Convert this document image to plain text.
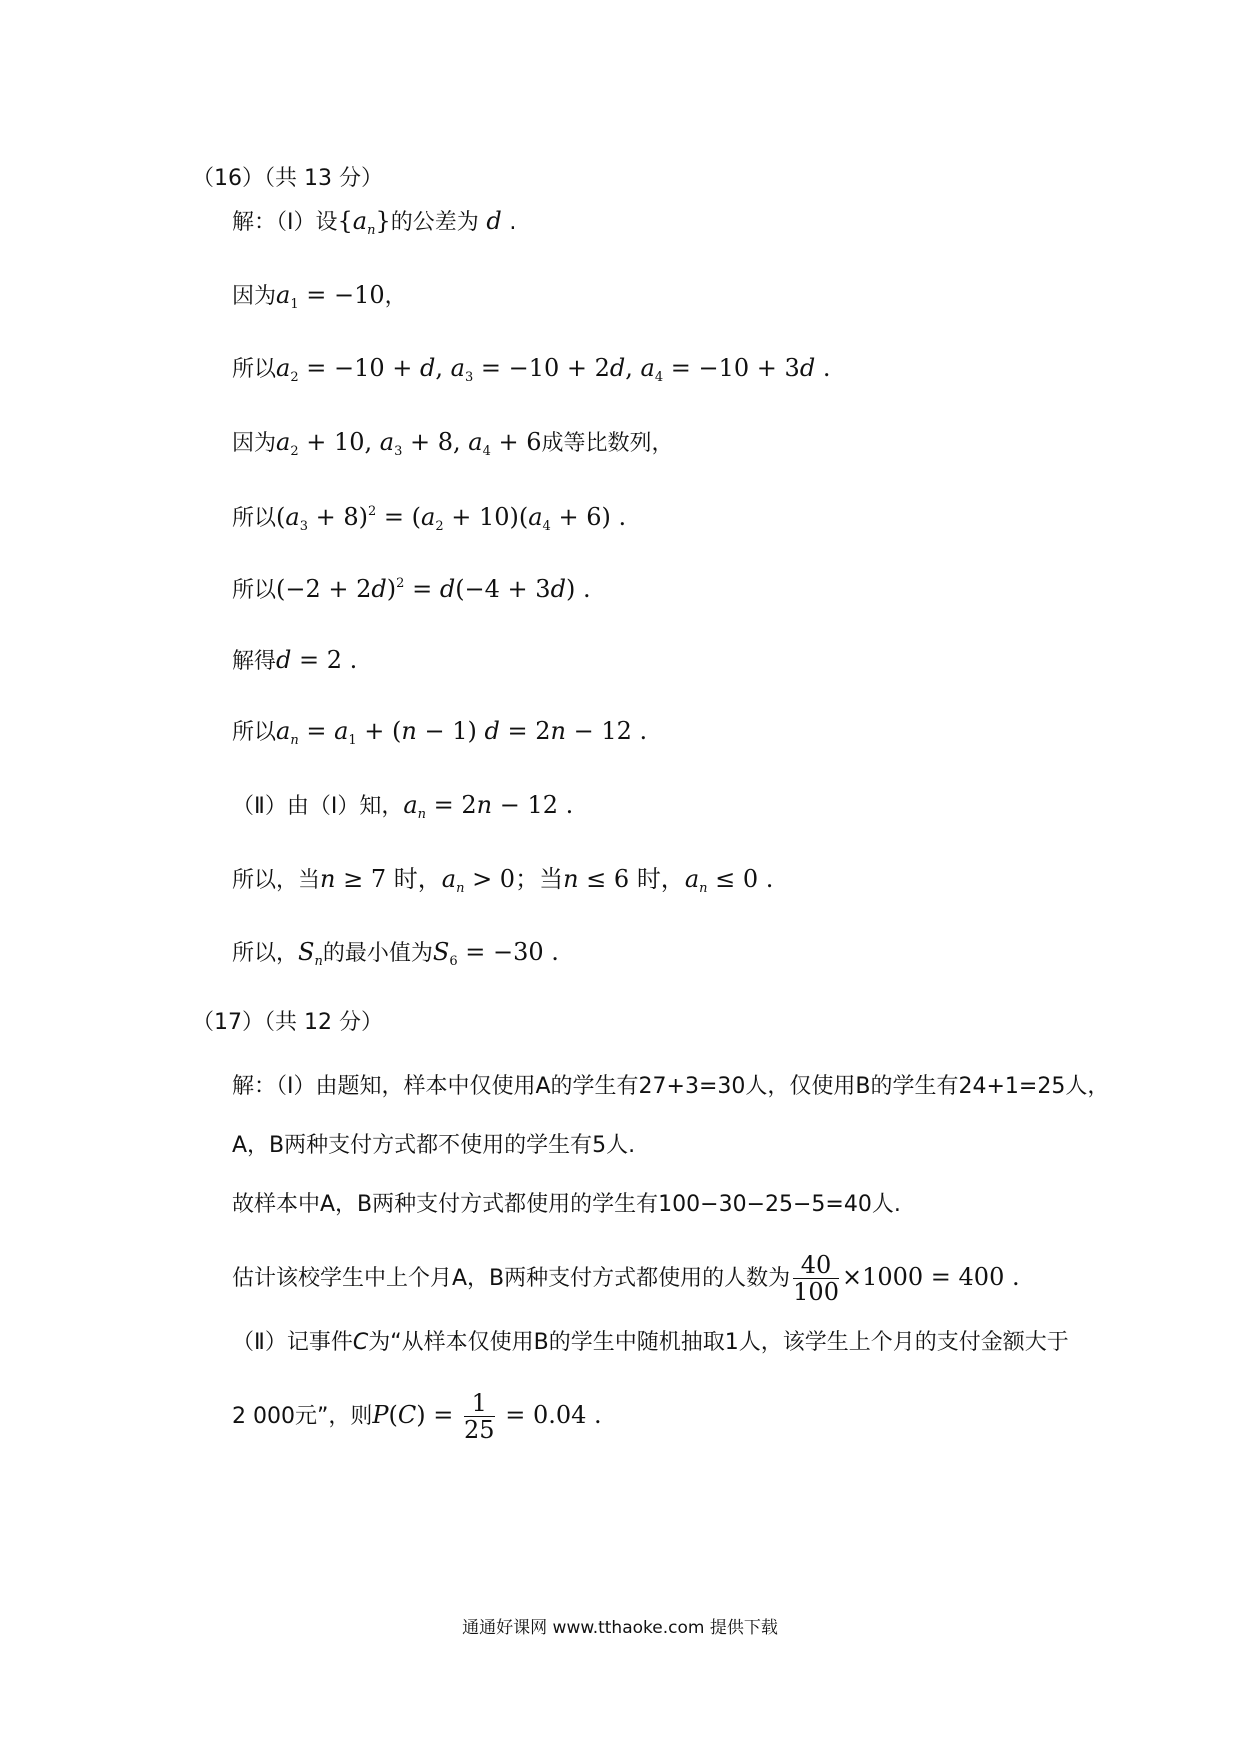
（16）（共 13 分）
解：（Ⅰ）设$\{a_n\}$的公差为 d .
因为$a_1 = -10$，
所以$a_2 = -10 + d$, $a_3 = -10 + 2d$, $a_4 = -10 + 3d$ .
因为$a_2 + 10$, $a_3 + 8$, $a_4 + 6$成等比数列，
所以$(a_3 + 8)^2 = (a_2 + 10)(a_4 + 6)$ .
所以$(-2 + 2d)^2 = d(-4 + 3d)$ .
解得d = 2 .
所以$a_n = a_1 + (n - 1) d = 2n - 12$ .
（Ⅱ）由（Ⅰ）知，$a_n = 2n - 12$ .
所以，当n ≥ 7 时，$a_n > 0$；当n ≤ 6 时，$a_n \le 0$ .
所以，$S_n$的最小值为$S_6 = -30$ .
（17）（共 12 分）
解：（Ⅰ）由题知，样本中仅使用A的学生有27+3=30人，仅使用B的学生有24+1=25人，
A，B两种支付方式都不使用的学生有5人.
故样本中A，B两种支付方式都使用的学生有100−30−25−5=40人.
估计该校学生中上个月A，B两种支付方式都使用的人数为 $\frac{40}{100} \times 1000 = 400$ .
（Ⅱ）记事件C为“从样本仅使用B的学生中随机抽取1人，该学生上个月的支付金额大于
2 000元”，则$P(C) = \frac{1}{25} = 0.04$ .
通通好课网 www.tthaoke.com 提供下载
